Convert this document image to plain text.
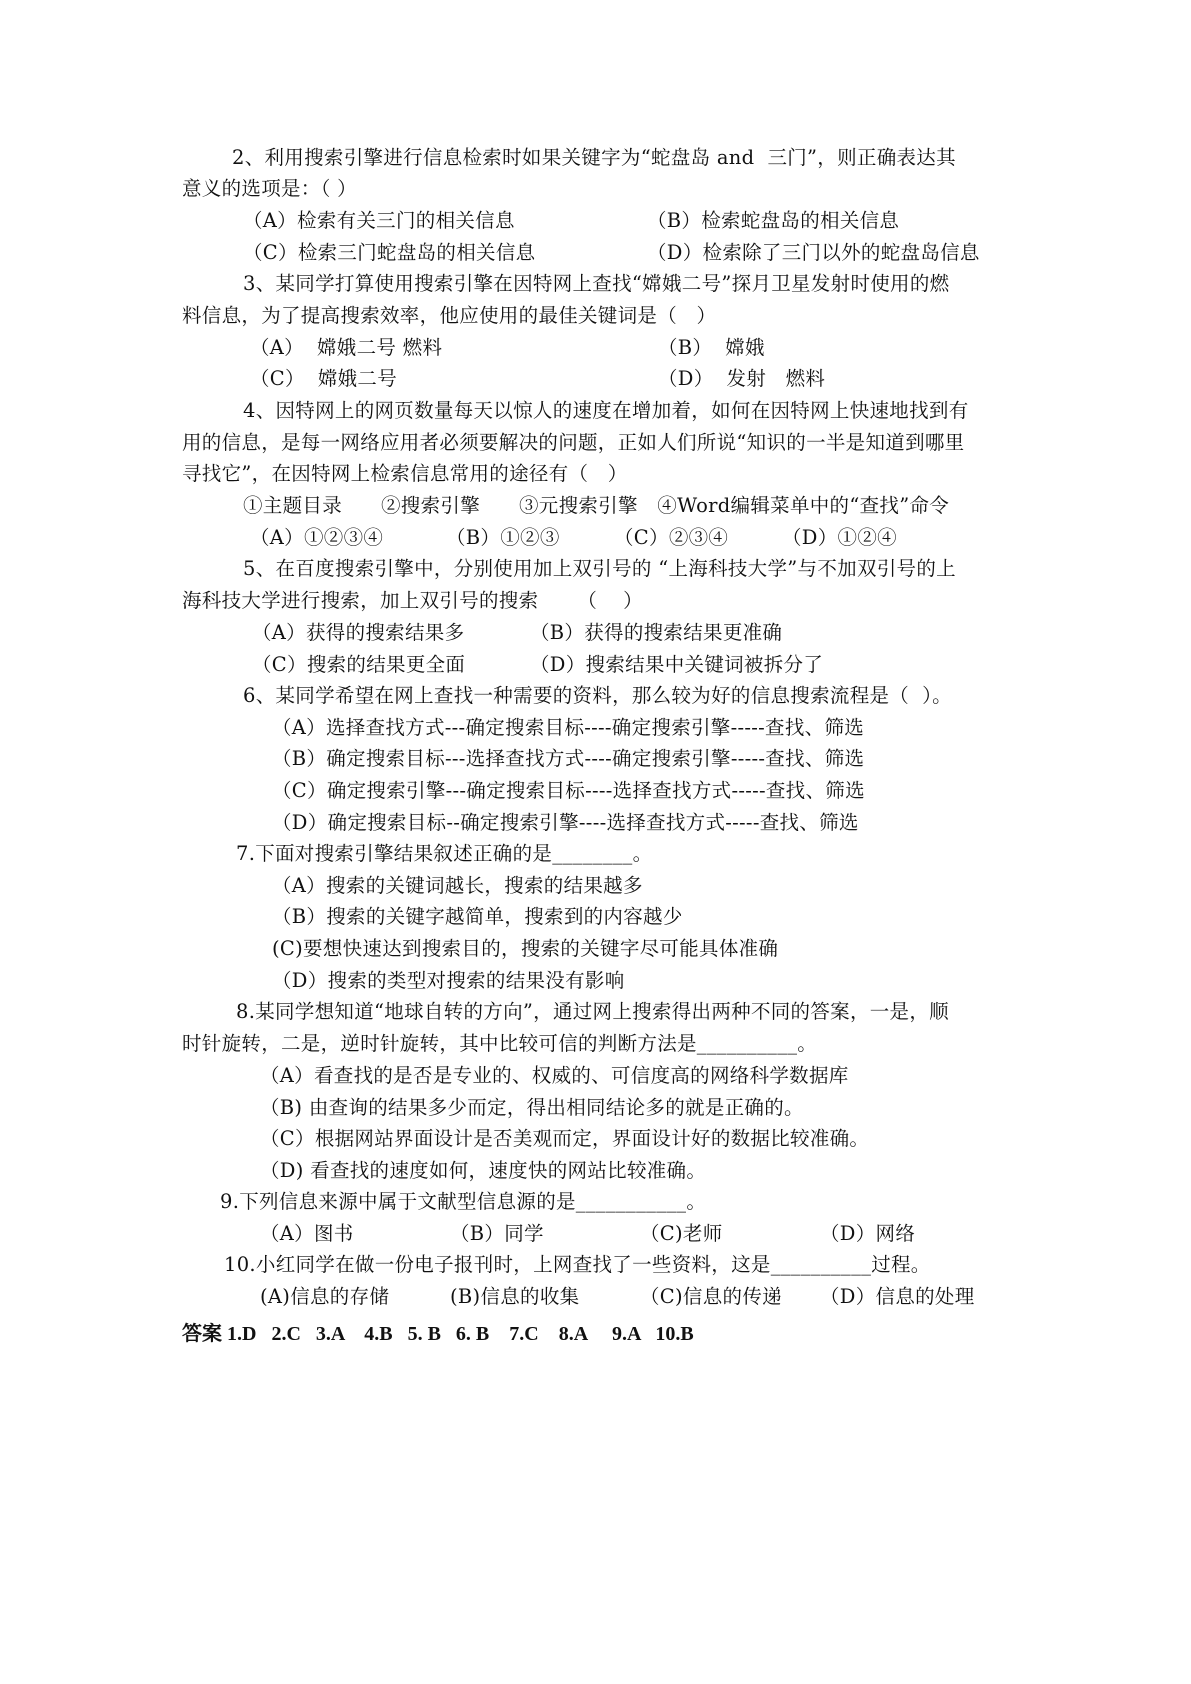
2、利用搜索引擎进行信息检索时如果关键字为“蛇盘岛 and  三门”，则正确表达其
意义的选项是：（ ）
（A）检索有关三门的相关信息	（B）检索蛇盘岛的相关信息
（C）检索三门蛇盘岛的相关信息	（D）检索除了三门以外的蛇盘岛信息
3、某同学打算使用搜索引擎在因特网上查找“嫦娥二号”探月卫星发射时使用的燃
料信息，为了提高搜索效率，他应使用的最佳关键词是（   ）
（A）  嫦娥二号 燃料	（B）  嫦娥
（C）  嫦娥二号	（D）  发射   燃料
4、因特网上的网页数量每天以惊人的速度在增加着，如何在因特网上快速地找到有
用的信息，是每一网络应用者必须要解决的问题，正如人们所说“知识的一半是知道到哪里
寻找它”，在因特网上检索信息常用的途径有（   ）
①主题目录      ②搜索引擎      ③元搜索引擎   ④Word编辑菜单中的“查找”命令
（A）①②③④	（B）①②③	（C）②③④	（D）①②④
5、在百度搜索引擎中，分别使用加上双引号的 “上海科技大学”与不加双引号的上
海科技大学进行搜索，加上双引号的搜索      （    ）
（A）获得的搜索结果多	（B）获得的搜索结果更准确
（C）搜索的结果更全面	（D）搜索结果中关键词被拆分了
6、某同学希望在网上查找一种需要的资料，那么较为好的信息搜索流程是（  ）。
（A）选择查找方式---确定搜索目标----确定搜索引擎-----查找、筛选
（B）确定搜索目标---选择查找方式----确定搜索引擎-----查找、筛选
（C）确定搜索引擎---确定搜索目标----选择查找方式-----查找、筛选
（D）确定搜索目标--确定搜索引擎----选择查找方式-----查找、筛选
7.下面对搜索引擎结果叙述正确的是________。
（A）搜索的关键词越长，搜索的结果越多
（B）搜索的关键字越简单，搜索到的内容越少
(C)要想快速达到搜索目的，搜索的关键字尽可能具体准确
（D）搜索的类型对搜索的结果没有影响
8.某同学想知道“地球自转的方向”，通过网上搜索得出两种不同的答案，一是，顺
时针旋转，二是，逆时针旋转，其中比较可信的判断方法是__________。
（A）看查找的是否是专业的、权威的、可信度高的网络科学数据库
（B) 由查询的结果多少而定，得出相同结论多的就是正确的。
（C）根据网站界面设计是否美观而定，界面设计好的数据比较准确。
（D) 看查找的速度如何，速度快的网站比较准确。
9.下列信息来源中属于文献型信息源的是___________。
（A）图书	（B）同学	（C)老师	（D）网络
10.小红同学在做一份电子报刊时，上网查找了一些资料，这是__________过程。
(A)信息的存储	(B)信息的收集	（C)信息的传递 （D）信息的处理
答案 1.D   2.C   3.A    4.B   5. B   6. B    7.C    8.A     9.A   10.B
